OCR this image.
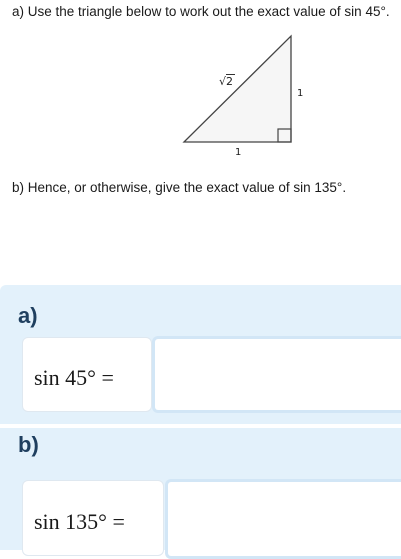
a) Use the triangle below to work out the exact value of sin 45°.
√2
1
1
b) Hence, or otherwise, give the exact value of sin 135°.
a)
sin 45° =
b)
sin 135° =
